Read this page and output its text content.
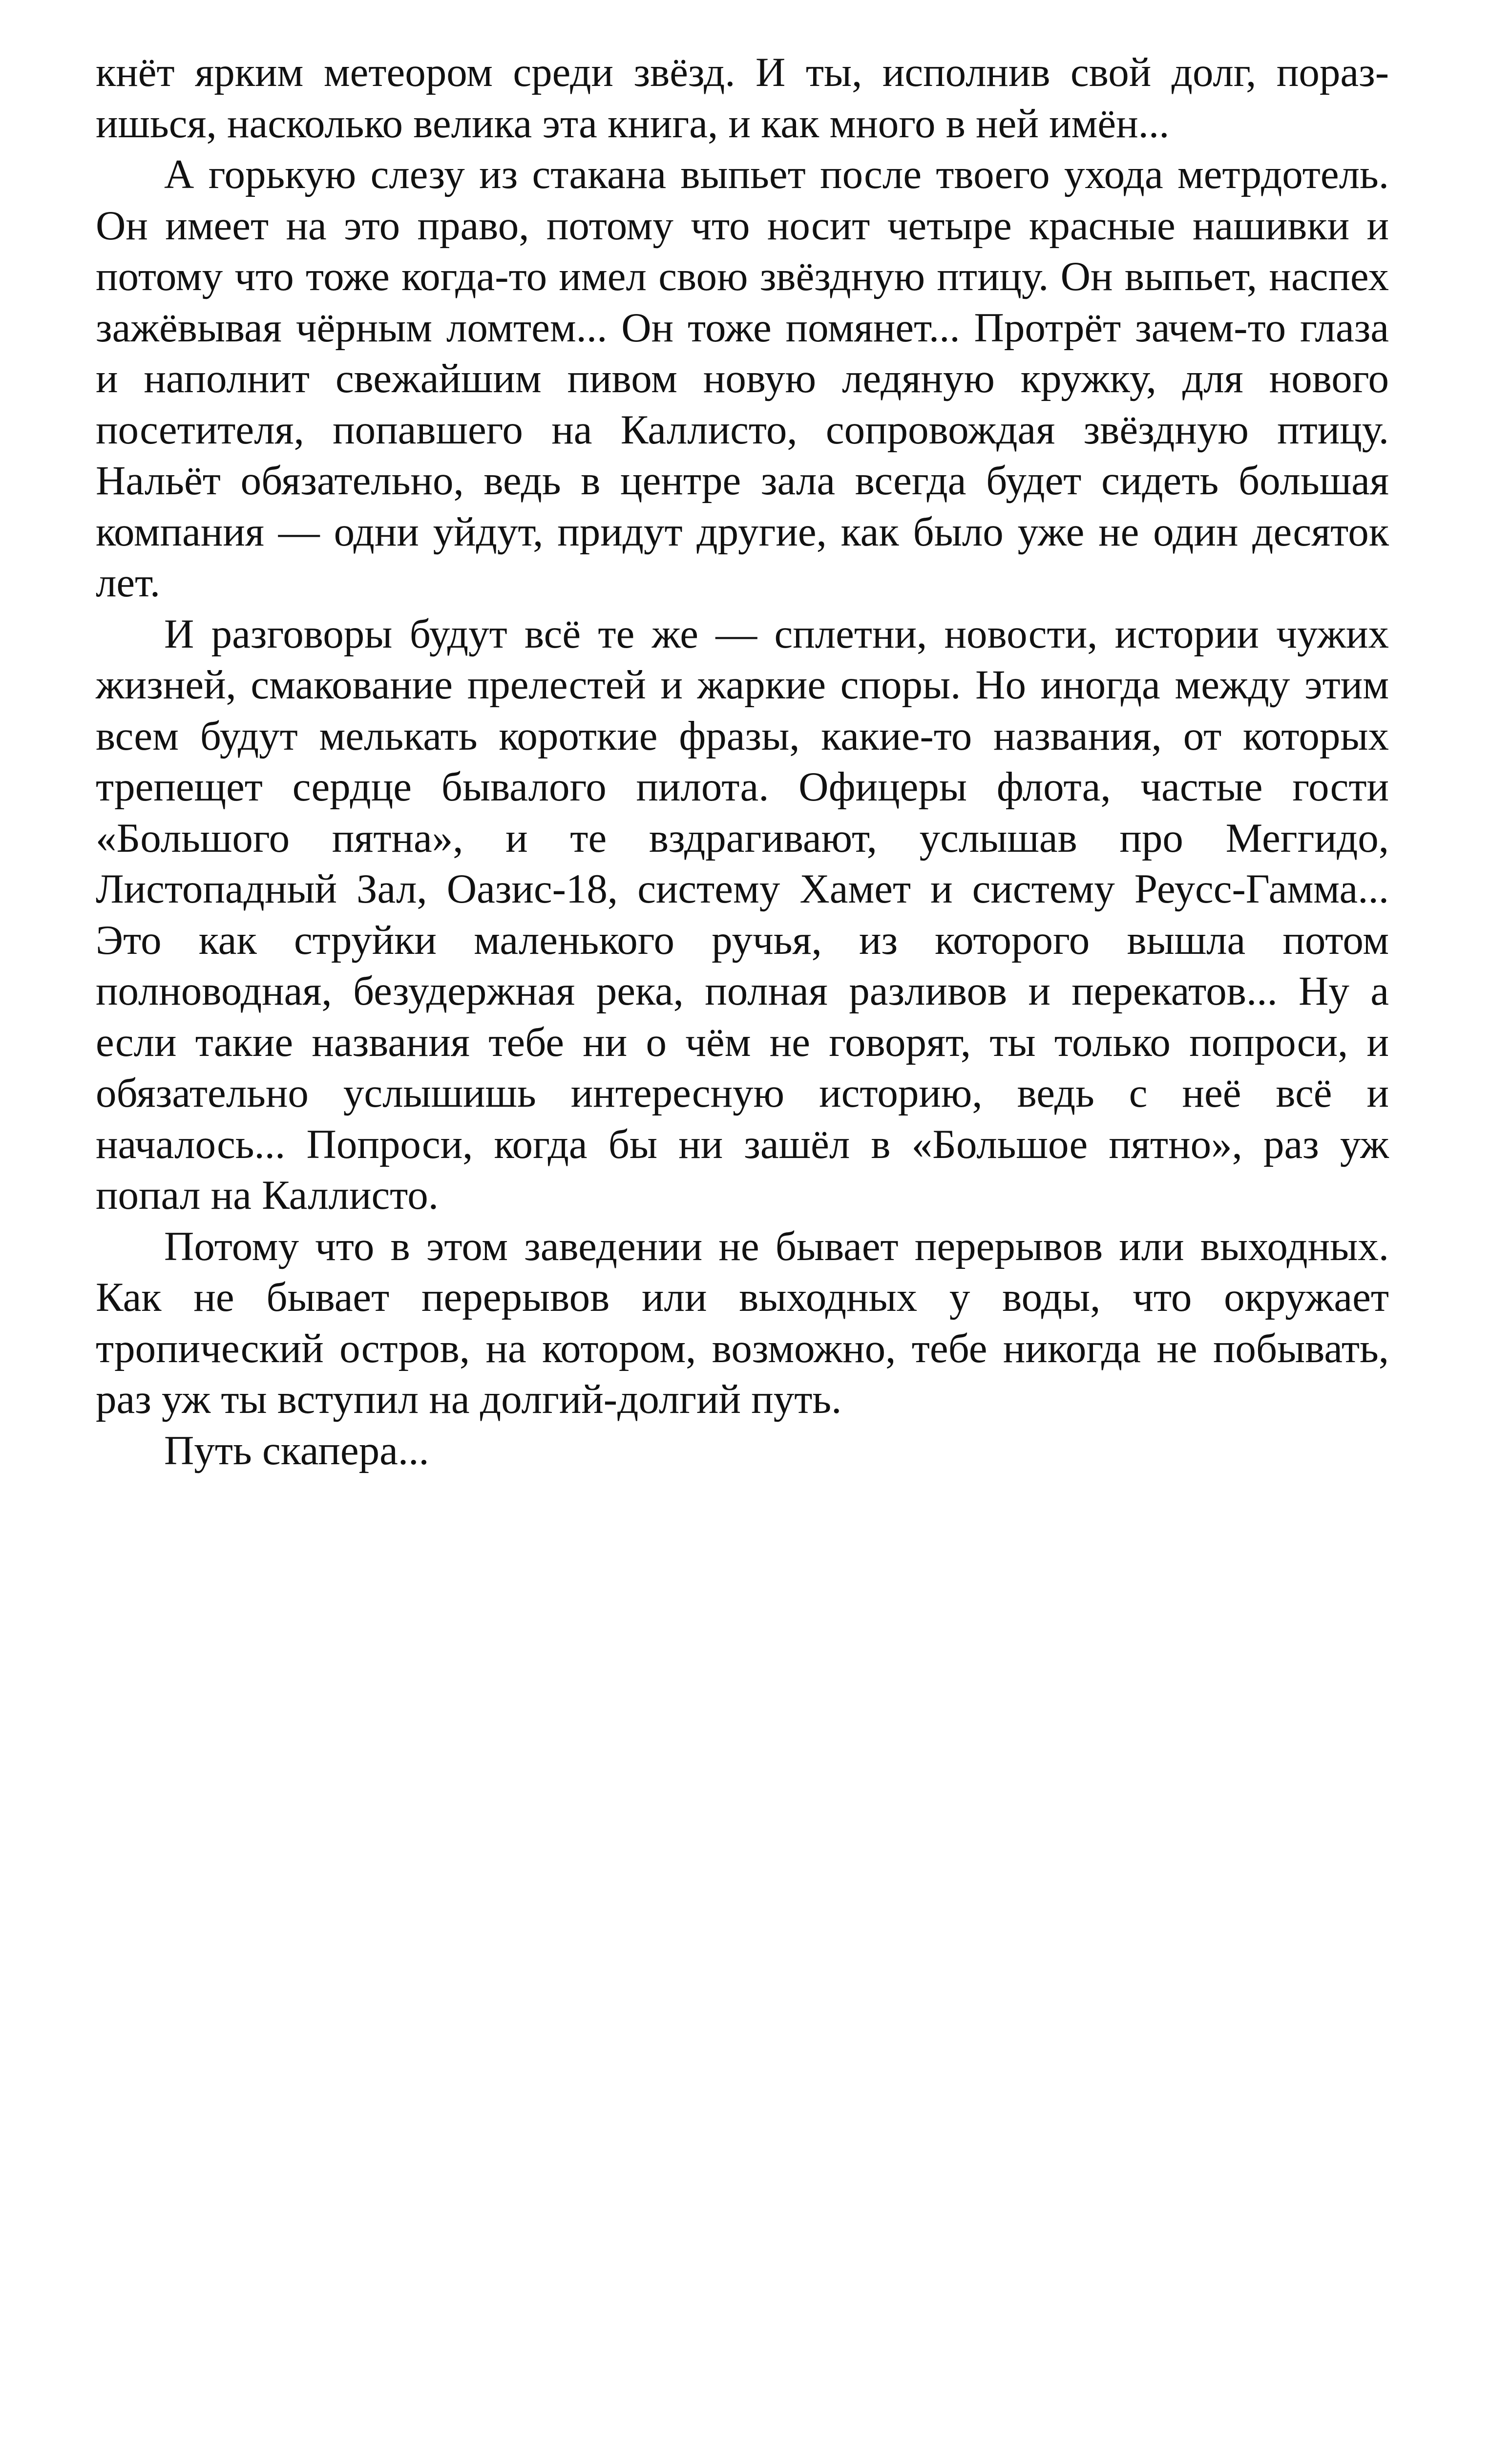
кнёт ярким метеором среди звёзд. И ты, исполнив свой долг, поразишься, насколько велика эта книга, и как много в ней имён...

А горькую слезу из стакана выпьет после твоего ухода метрдотель. Он имеет на это право, потому что носит четыре красные нашивки и потому что тоже когда-то имел свою звёздную птицу. Он выпьет, наспех зажёвывая чёрным ломтем... Он тоже помянет... Протрёт зачем-то глаза и наполнит свежайшим пивом новую ледяную кружку, для нового посетителя, попавшего на Каллисто, сопровождая звёздную птицу. Нальёт обязательно, ведь в центре зала всегда будет сидеть большая компания — одни уйдут, придут другие, как было уже не один десяток лет.

И разговоры будут всё те же — сплетни, новости, истории чужих жизней, смакование прелестей и жаркие споры. Но иногда между этим всем будут мелькать короткие фразы, какие-то названия, от которых трепещет сердце бывалого пилота. Офицеры флота, частые гости «Большого пятна», и те вздрагивают, услышав про Меггидо, Листопадный Зал, Оазис-18, систему Хамет и систему Реусс-Гамма... Это как струйки маленького ручья, из которого вышла потом полноводная, безудержная река, полная разливов и перекатов... Ну а если такие названия тебе ни о чём не говорят, ты только попроси, и обязательно услышишь интересную историю, ведь с неё всё и началось... Попроси, когда бы ни зашёл в «Большое пятно», раз уж попал на Каллисто.

Потому что в этом заведении не бывает перерывов или выходных. Как не бывает перерывов или выходных у воды, что окружает тропический остров, на котором, возможно, тебе никогда не побывать, раз уж ты вступил на долгий-долгий путь.

Путь скапера...
